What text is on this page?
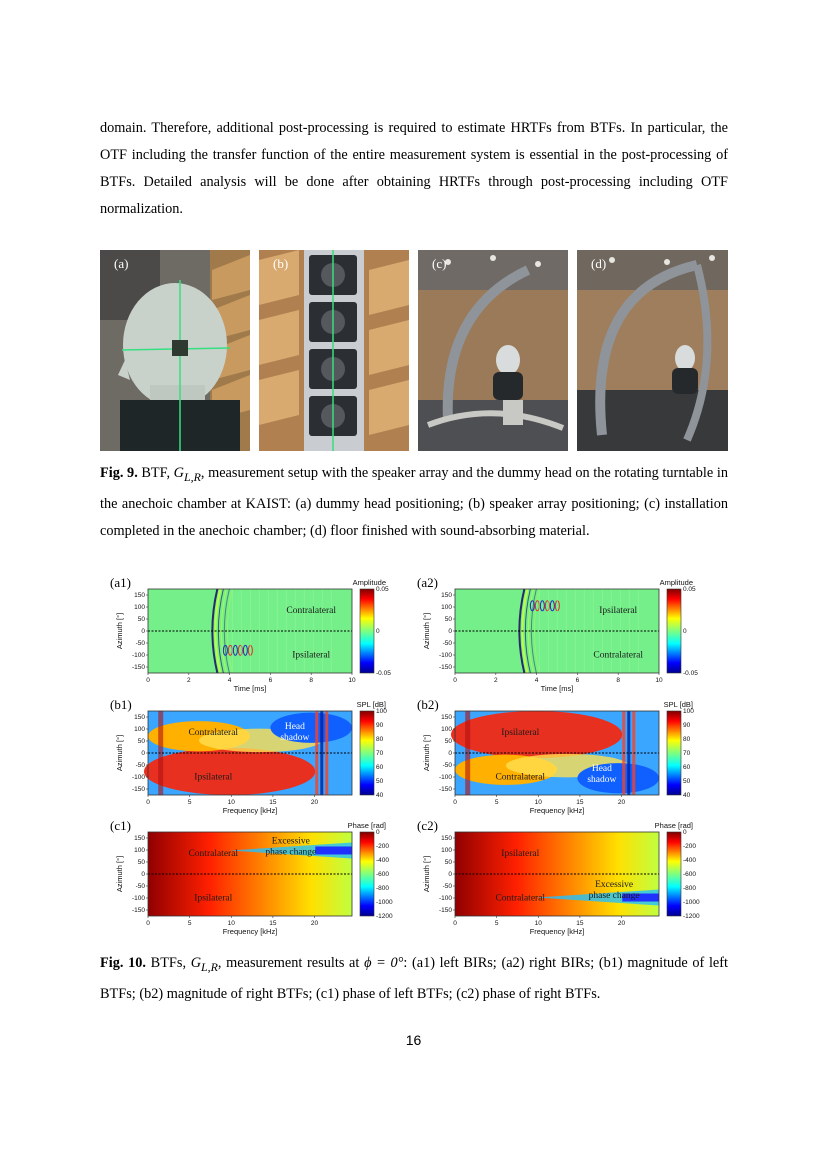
domain. Therefore, additional post-processing is required to estimate HRTFs from BTFs. In particular, the OTF including the transfer function of the entire measurement system is essential in the post-processing of BTFs. Detailed analysis will be done after obtaining HRTFs through post-processing including OTF normalization.
(a)	(b)	(c)	(d)
Fig. 9. BTF, $G_{L,R}$, measurement setup with the speaker array and the dummy head on the rotating turntable in the anechoic chamber at KAIST: (a) dummy head positioning; (b) speaker array positioning; (c) installation completed in the anechoic chamber; (d) floor finished with sound-absorbing material.
150
100
50
0
-50
-100
-150
0	2	4	6	8	10
Time [ms]
Azimuth [°]
Amplitude
0.05
0
-0.05
Contralateral
Ipsilateral
(a1)
150
100
50
0
-50
-100
-150
0	2	4	6	8	10
Time [ms]
Azimuth [°]
Amplitude
0.05
0
-0.05
Ipsilateral
Contralateral
(a2)
150
100
50
0
-50
-100
-150
0	5	10	15	20
Frequency [kHz]
Azimuth [°]
SPL [dB]
100
90
80
70
60
50
40
Contralateral
Ipsilateral
Head
shadow
(b1)
150
100
50
0
-50
-100
-150
0	5	10	15	20
Frequency [kHz]
Azimuth [°]
SPL [dB]
100
90
80
70
60
50
40
Ipsilateral
Contralateral
Head
shadow
(b2)
150
100
50
0
-50
-100
-150
0	5	10	15	20
Frequency [kHz]
Azimuth [°]
Phase [rad]
0
-200
-400
-600
-800
-1000
-1200
Contralateral
Ipsilateral
Excessive
phase change
(c1)
150
100
50
0
-50
-100
-150
0	5	10	15	20
Frequency [kHz]
Azimuth [°]
Phase [rad]
0
-200
-400
-600
-800
-1000
-1200
Ipsilateral
Contralateral
Excessive
phase change
(c2)
Fig. 10. BTFs, $G_{L,R}$, measurement results at ϕ = 0°: (a1) left BIRs; (a2) right BIRs; (b1) magnitude of left BTFs; (b2) magnitude of right BTFs; (c1) phase of left BTFs; (c2) phase of right BTFs.
16
